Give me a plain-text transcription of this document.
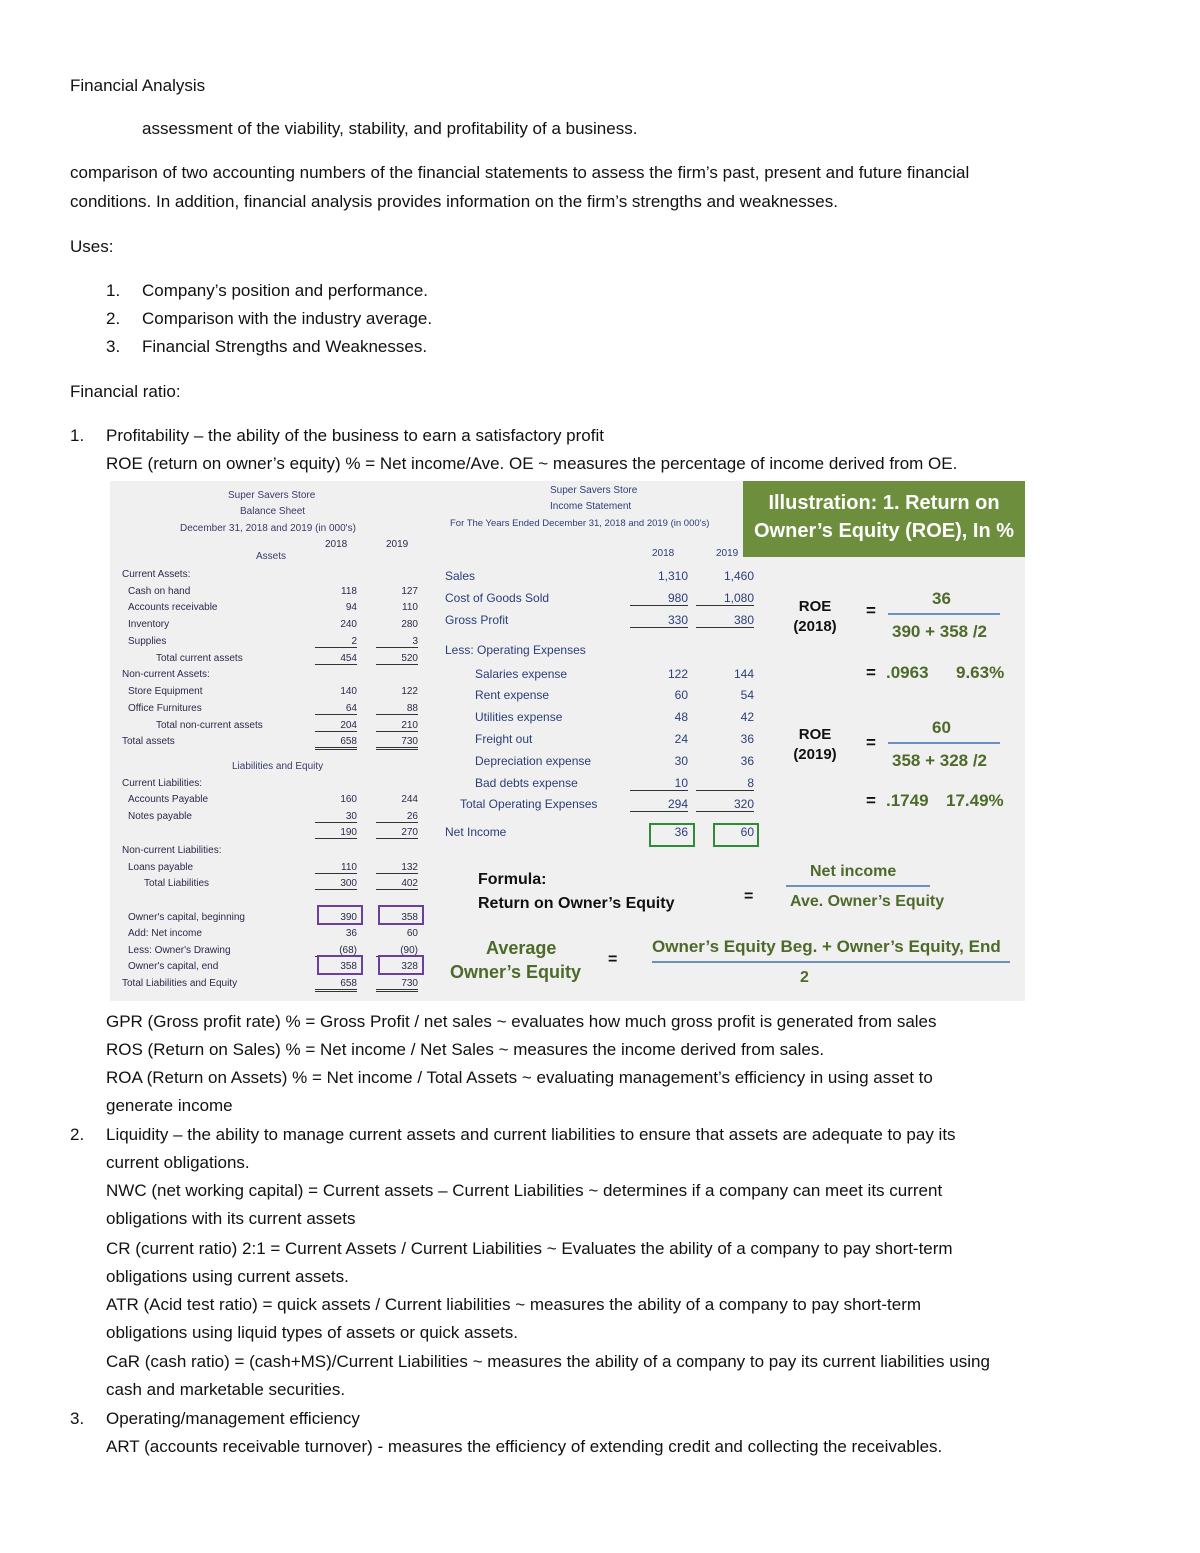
Financial Analysis
assessment of the viability, stability, and profitability of a business.
comparison of two accounting numbers of the financial statements to assess the firm’s past, present and future financial
conditions. In addition, financial analysis provides information on the firm’s strengths and weaknesses.
Uses:
1. Company’s position and performance.
2. Comparison with the industry average.
3. Financial Strengths and Weaknesses.
Financial ratio:
1. Profitability – the ability of the business to earn a satisfactory profit
ROE (return on owner’s equity) % = Net income/Ave. OE ~ measures the percentage of income derived from OE.
Super Savers Store
Balance Sheet
December 31, 2018 and 2019 (in 000's)
2018	2019
Assets
Current Assets:
Cash on hand	118	127
Accounts receivable	94	110
Inventory	240	280
Supplies	2	3
Total current assets	454	520
Non-current Assets:
Store Equipment	140	122
Office Furnitures	64	88
Total non-current assets	204	210
Total assets	658	730
Liabilities and Equity
Current Liabilities:
Accounts Payable	160	244
Notes payable	30	26
190	270
Non-current Liabilities:
Loans payable	110	132
Total Liabilities	300	402
Owner's capital, beginning	390	358
Add: Net income	36	60
Less: Owner's Drawing	(68)	(90)
Owner's capital, end	358	328
Total Liabilities and Equity	658	730
Super Savers Store
Income Statement
For The Years Ended December 31, 2018 and 2019 (in 000's)
2018	2019
Sales	1,310	1,460
Cost of Goods Sold	980	1,080
Gross Profit	330	380
Less: Operating Expenses
Salaries expense	122	144
Rent expense	60	54
Utilities expense	48	42
Freight out	24	36
Depreciation expense	30	36
Bad debts expense	10	8
Total Operating Expenses	294	320
Net Income	36	60
Illustration: 1. Return on
Owner’s Equity (ROE), In %
ROE
(2018)
=
36
390 + 358 /2
= .0963 9.63%
ROE
(2019)
=
60
358 + 328 /2
= .1749 17.49%
Formula:
Return on Owner’s Equity	=
Net income
Ave. Owner’s Equity
Average
Owner’s Equity
=
Owner’s Equity Beg. + Owner’s Equity, End
2
GPR (Gross profit rate) % = Gross Profit / net sales ~ evaluates how much gross profit is generated from sales
ROS (Return on Sales) % = Net income / Net Sales ~ measures the income derived from sales.
ROA (Return on Assets) % = Net income / Total Assets ~ evaluating management’s efficiency in using asset to
generate income
2. Liquidity – the ability to manage current assets and current liabilities to ensure that assets are adequate to pay its
current obligations.
NWC (net working capital) = Current assets – Current Liabilities ~ determines if a company can meet its current
obligations with its current assets
CR (current ratio) 2:1 = Current Assets / Current Liabilities ~ Evaluates the ability of a company to pay short-term
obligations using current assets.
ATR (Acid test ratio) = quick assets / Current liabilities ~ measures the ability of a company to pay short-term
obligations using liquid types of assets or quick assets.
CaR (cash ratio) = (cash+MS)/Current Liabilities ~ measures the ability of a company to pay its current liabilities using
cash and marketable securities.
3. Operating/management efficiency
ART (accounts receivable turnover) - measures the efficiency of extending credit and collecting the receivables.
